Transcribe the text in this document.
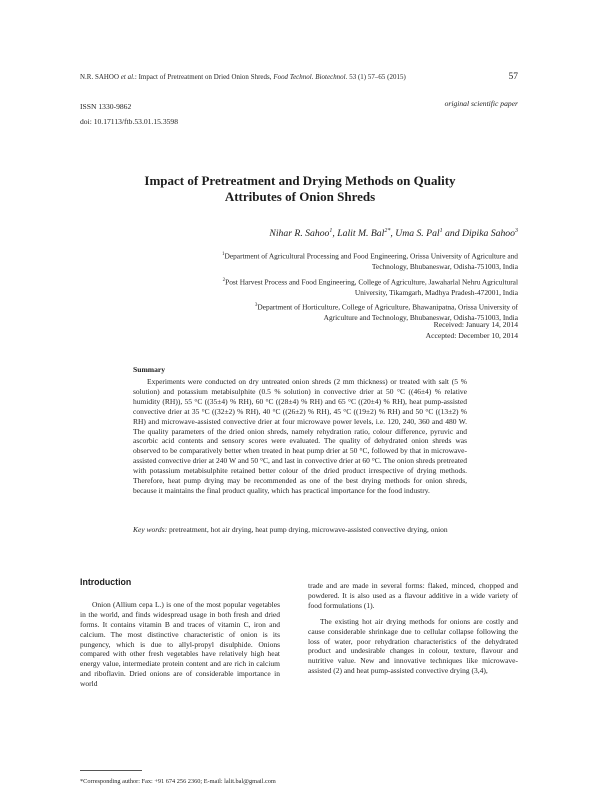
N.R. SAHOO et al.: Impact of Pretreatment on Dried Onion Shreds, Food Technol. Biotechnol. 53 (1) 57–65 (2015)	57
ISSN 1330-9862
doi: 10.17113/ftb.53.01.15.3598
original scientific paper
Impact of Pretreatment and Drying Methods on Quality
Attributes of Onion Shreds
Nihar R. Sahoo$^1$, Lalit M. Bal$^{2*}$, Uma S. Pal$^1$ and Dipika Sahoo$^3$
$^1$Department of Agricultural Processing and Food Engineering, Orissa University of Agriculture and
Technology, Bhubaneswar, Odisha-751003, India
$^2$Post Harvest Process and Food Engineering, College of Agriculture, Jawaharlal Nehru Agricultural
University, Tikamgarh, Madhya Pradesh-472001, India
$^3$Department of Horticulture, College of Agriculture, Bhawanipatna, Orissa University of
Agriculture and Technology, Bhubaneswar, Odisha-751003, India
Received: January 14, 2014
Accepted: December 10, 2014
Summary
Experiments were conducted on dry untreated onion shreds (2 mm thickness) or treated with salt (5 % solution) and potassium metabisulphite (0.5 % solution) in convective drier at 50 °C ((46±4) % relative humidity (RH)), 55 °C ((35±4) % RH), 60 °C ((28±4) % RH) and 65 °C ((20±4) % RH), heat pump-assisted convective drier at 35 °C ((32±2) % RH), 40 °C ((26±2) % RH), 45 °C ((19±2) % RH) and 50 °C ((13±2) % RH) and microwave-assisted convective drier at four microwave power levels, i.e. 120, 240, 360 and 480 W. The quality parameters of the dried onion shreds, namely rehydration ratio, colour difference, pyruvic and ascorbic acid contents and sensory scores were evaluated. The quality of dehydrated onion shreds was observed to be comparatively better when treated in heat pump drier at 50 °C, followed by that in microwave-assisted convective drier at 240 W and 50 °C, and last in convective drier at 60 °C. The onion shreds pretreated with potassium metabisulphite retained better colour of the dried product irrespective of drying methods. Therefore, heat pump drying may be recommended as one of the best drying methods for onion shreds, because it maintains the final product quality, which has practical importance for the food industry.
Key words: pretreatment, hot air drying, heat pump drying, microwave-assisted convective drying, onion
Introduction

Onion (Allium cepa L.) is one of the most popular vegetables in the world, and finds widespread usage in both fresh and dried forms. It contains vitamin B and traces of vitamin C, iron and calcium. The most distinctive characteristic of onion is its pungency, which is due to allyl-propyl disulphide. Onions compared with other fresh vegetables have relatively high heat energy value, intermediate protein content and are rich in calcium and riboflavin. Dried onions are of considerable importance in world

trade and are made in several forms: flaked, minced, chopped and powdered. It is also used as a flavour additive in a wide variety of food formulations (1).

The existing hot air drying methods for onions are costly and cause considerable shrinkage due to cellular collapse following the loss of water, poor rehydration characteristics of the dehydrated product and undesirable changes in colour, texture, flavour and nutritive value. New and innovative techniques like microwave-assisted (2) and heat pump-assisted convective drying (3,4),

*Corresponding author: Fax: +91 674 256 2360; E-mail: lalit.bal@gmail.com
